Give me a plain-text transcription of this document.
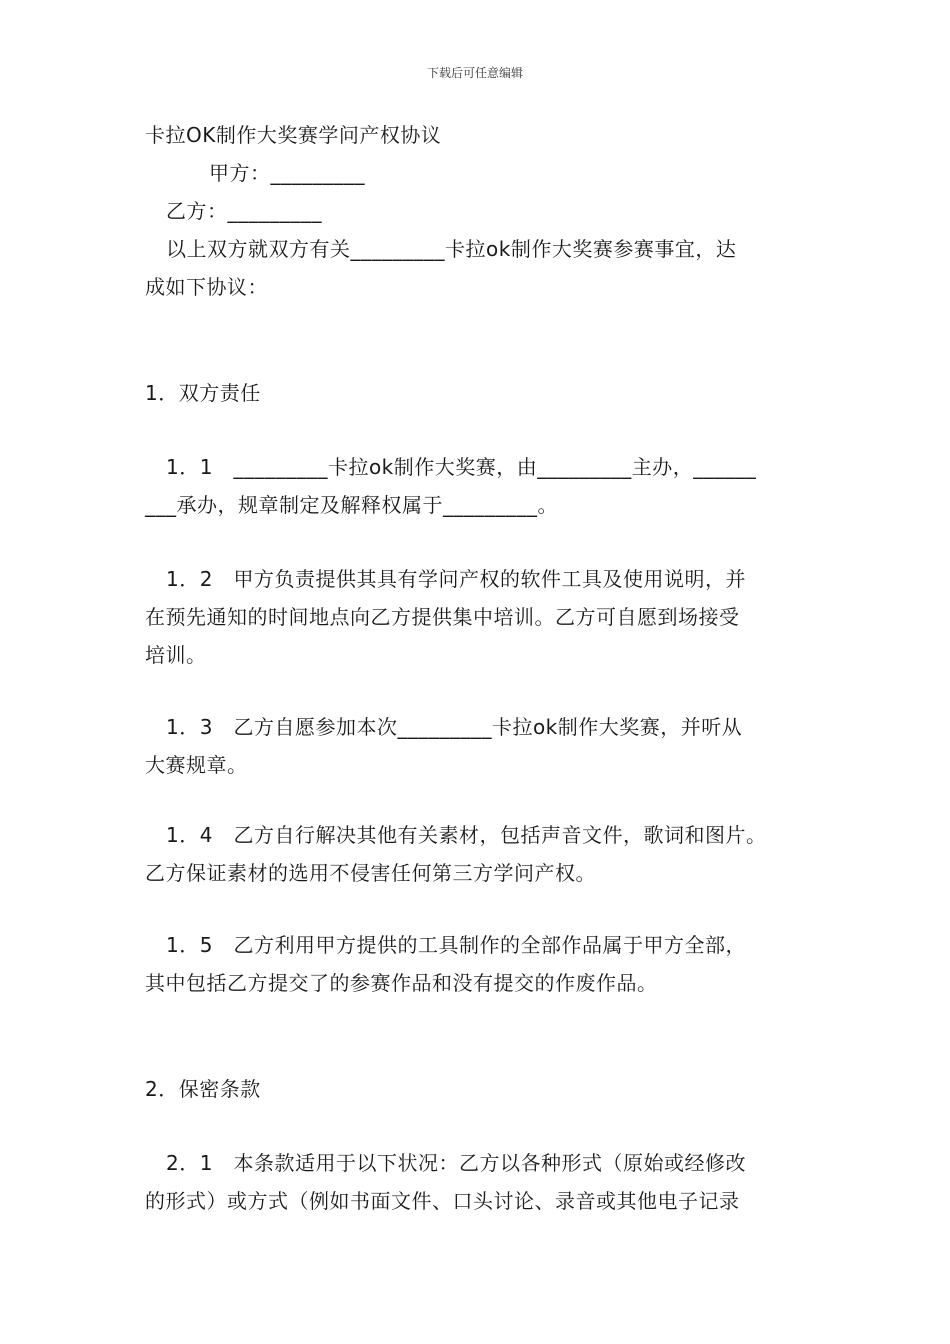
下载后可任意编辑
卡拉OK制作大奖赛学问产权协议
甲方：_________
乙方：_________
以上双方就双方有关_________卡拉ok制作大奖赛参赛事宜，达
成如下协议：
1．双方责任
1．1　_________卡拉ok制作大奖赛，由_________主办，______
___承办，规章制定及解释权属于_________。
1．2　甲方负责提供其具有学问产权的软件工具及使用说明，并
在预先通知的时间地点向乙方提供集中培训。乙方可自愿到场接受
培训。
1．3　乙方自愿参加本次_________卡拉ok制作大奖赛，并听从
大赛规章。
1．4　乙方自行解决其他有关素材，包括声音文件，歌词和图片。
乙方保证素材的选用不侵害任何第三方学问产权。
1．5　乙方利用甲方提供的工具制作的全部作品属于甲方全部，
其中包括乙方提交了的参赛作品和没有提交的作废作品。
2．保密条款
2．1　本条款适用于以下状况：乙方以各种形式（原始或经修改
的形式）或方式（例如书面文件、口头讨论、录音或其他电子记录
